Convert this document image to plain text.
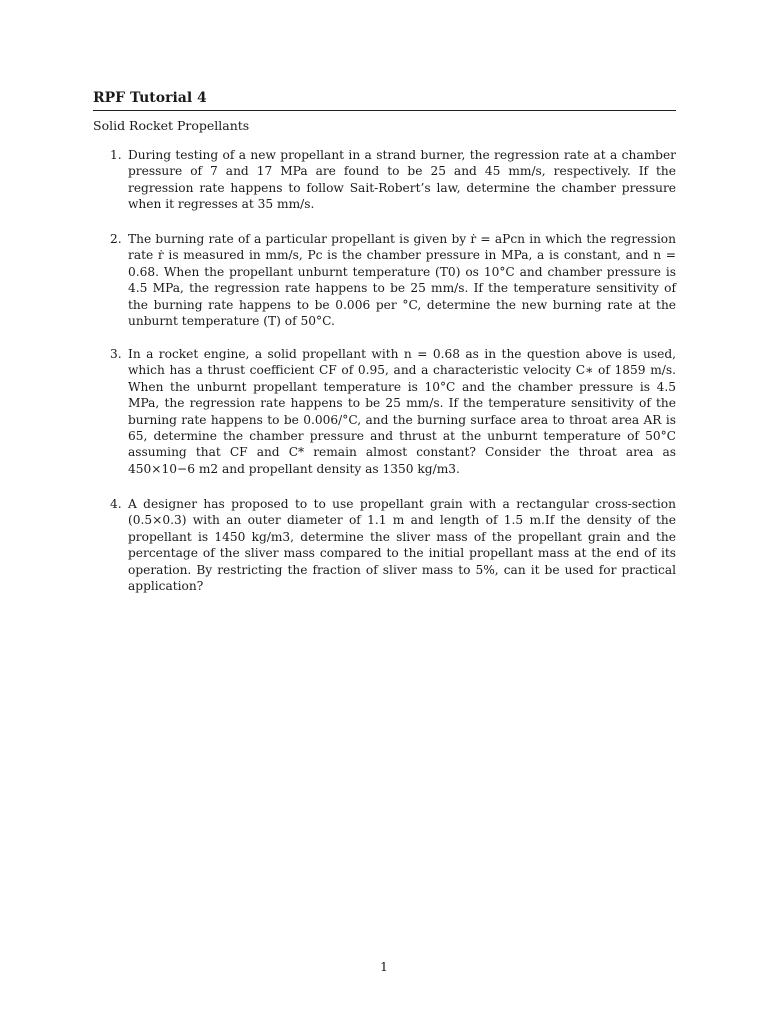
RPF Tutorial 4
Solid Rocket Propellants
1. During testing of a new propellant in a strand burner, the regression rate at a chamber pressure of 7 and 17 MPa are found to be 25 and 45 mm/s, respectively. If the regression rate happens to follow Sait-Robert’s law, determine the chamber pressure when it regresses at 35 mm/s.
2. The burning rate of a particular propellant is given by ṙ = aPcn in which the regression rate ṙ is measured in mm/s, Pc is the chamber pressure in MPa, a is constant, and n = 0.68. When the propellant unburnt temperature (T0) os 10°C and chamber pressure is 4.5 MPa, the regression rate happens to be 25 mm/s. If the temperature sensitivity of the burning rate happens to be 0.006 per °C, determine the new burning rate at the unburnt temperature (T) of 50°C.
3. In a rocket engine, a solid propellant with n = 0.68 as in the question above is used, which has a thrust coefficient CF of 0.95, and a characteristic velocity C∗ of 1859 m/s. When the unburnt propellant temperature is 10°C and the chamber pressure is 4.5 MPa, the regression rate happens to be 25 mm/s. If the temperature sensitivity of the burning rate happens to be 0.006/°C, and the burning surface area to throat area AR is 65, determine the chamber pressure and thrust at the unburnt temperature of 50°C assuming that CF and C* remain almost constant? Consider the throat area as 450×10−6 m2 and propellant density as 1350 kg/m3.
4. A designer has proposed to to use propellant grain with a rectangular cross-section (0.5×0.3) with an outer diameter of 1.1 m and length of 1.5 m.If the density of the propellant is 1450 kg/m3, determine the sliver mass of the propellant grain and the percentage of the sliver mass compared to the initial propellant mass at the end of its operation. By restricting the fraction of sliver mass to 5%, can it be used for practical application?
1
